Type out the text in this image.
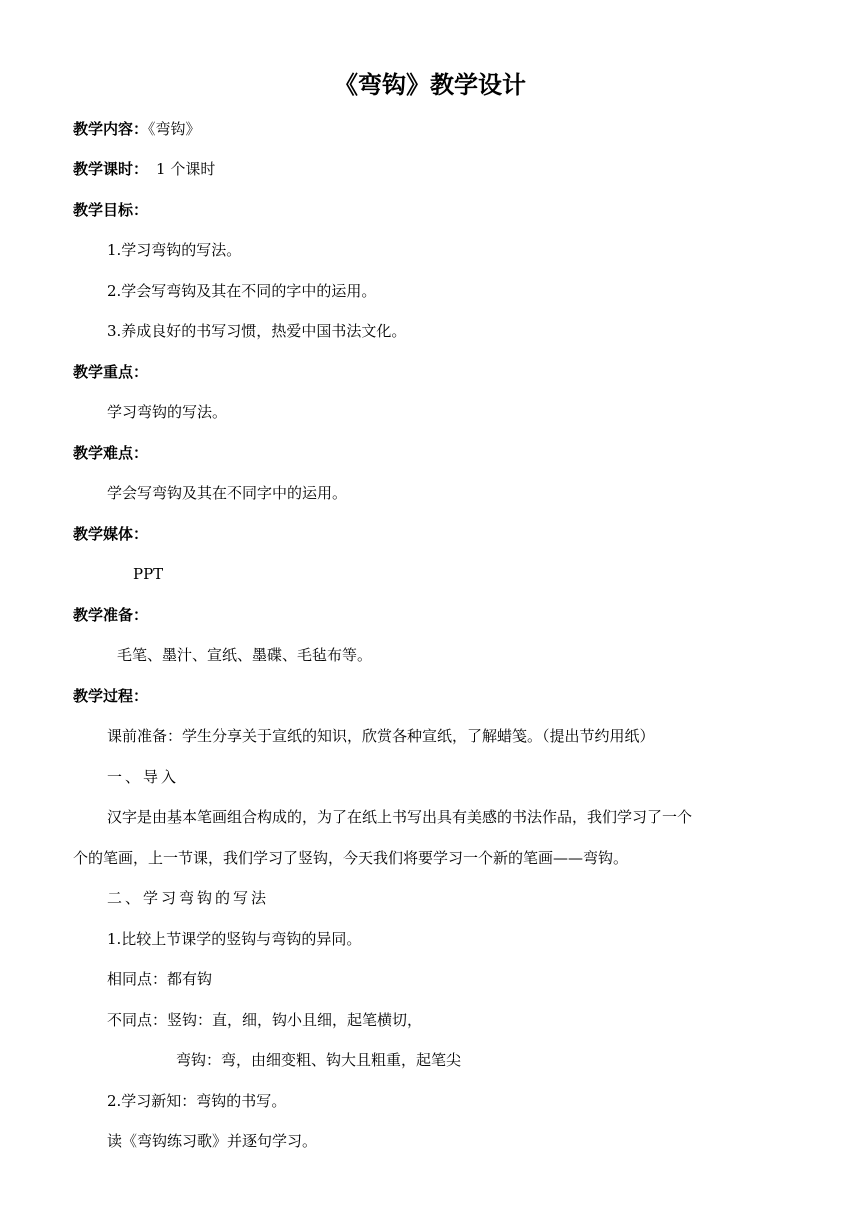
《弯钩》教学设计
教学内容：《弯钩》
教学课时： 1 个课时
教学目标：
1.学习弯钩的写法。
2.学会写弯钩及其在不同的字中的运用。
3.养成良好的书写习惯，热爱中国书法文化。
教学重点：
学习弯钩的写法。
教学难点：
学会写弯钩及其在不同字中的运用。
教学媒体：
PPT
教学准备：
毛笔、墨汁、宣纸、墨碟、毛毡布等。
教学过程：
课前准备：学生分享关于宣纸的知识，欣赏各种宣纸，了解蜡笺。（提出节约用纸）
一、导入
汉字是由基本笔画组合构成的，为了在纸上书写出具有美感的书法作品，我们学习了一个
个的笔画，上一节课，我们学习了竖钩，今天我们将要学习一个新的笔画——弯钩。
二、学习弯钩的写法
1.比较上节课学的竖钩与弯钩的异同。
相同点：都有钩
不同点：竖钩：直，细，钩小且细，起笔横切，
弯钩：弯，由细变粗、钩大且粗重，起笔尖
2.学习新知：弯钩的书写。
读《弯钩练习歌》并逐句学习。
